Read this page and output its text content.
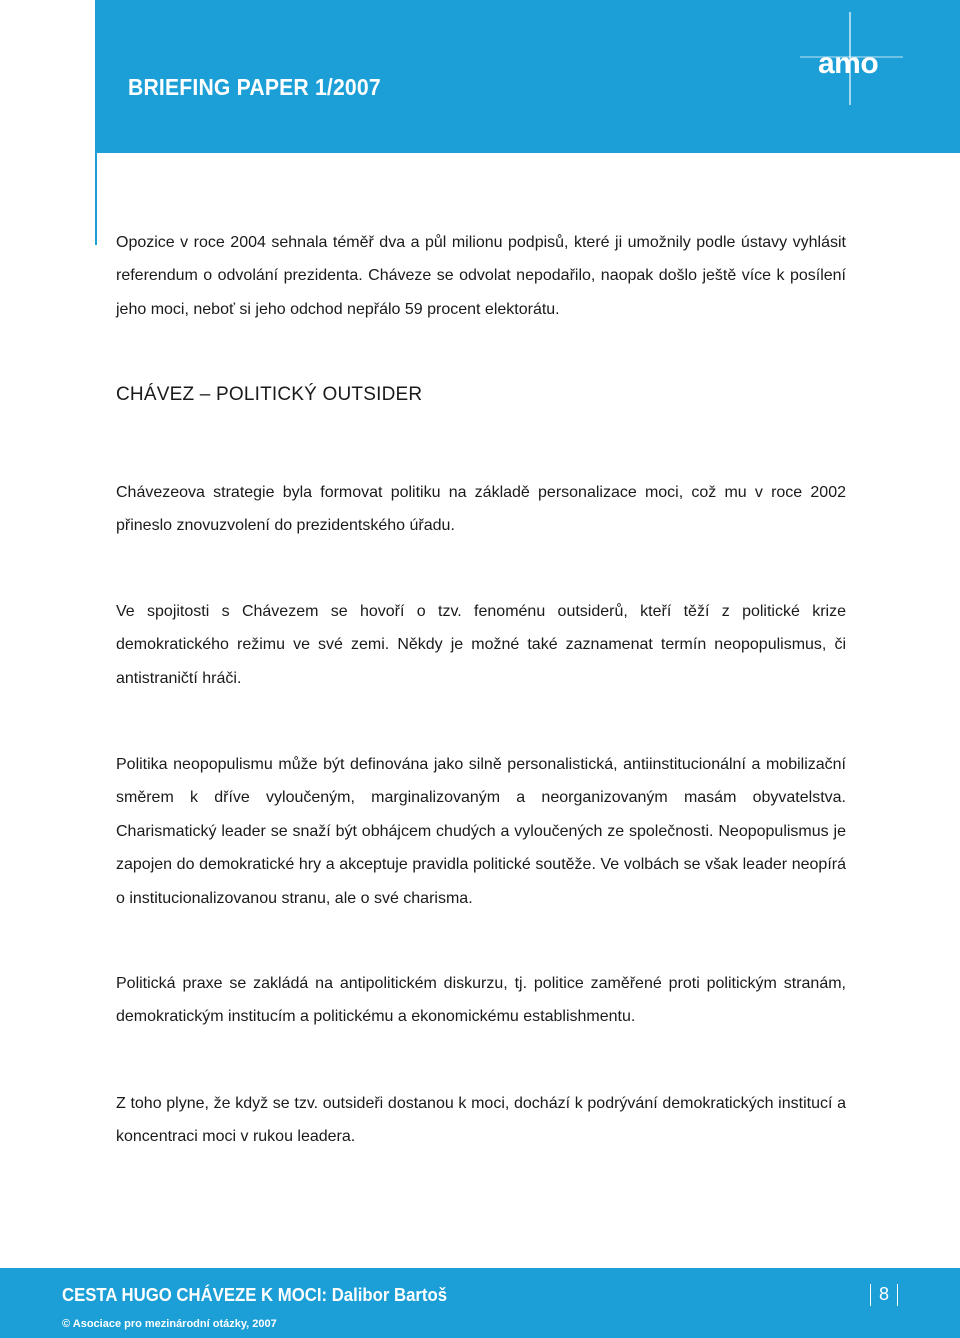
BRIEFING PAPER 1/2007
amo

Opozice v roce 2004 sehnala téměř dva a půl milionu podpisů, které ji umožnily podle ústavy vyhlásit referendum o odvolání prezidenta. Cháveze se odvolat nepodařilo, naopak došlo ještě více k posílení jeho moci, neboť si jeho odchod nepřálo 59 procent elektorátu.

CHÁVEZ – POLITICKÝ OUTSIDER

Chávezeova strategie byla formovat politiku na základě personalizace moci, což mu v roce 2002 přineslo znovuzvolení do prezidentského úřadu.

Ve spojitosti s Chávezem se hovoří o tzv. fenoménu outsiderů, kteří těží z politické krize demokratického režimu ve své zemi. Někdy je možné také zaznamenat termín neopopulismus, či antistraničtí hráči.

Politika neopopulismu může být definována jako silně personalistická, antiinstitucionální a mobilizační směrem k dříve vyloučeným, marginalizovaným a neorganizovaným masám obyvatelstva. Charismatický leader se snaží být obhájcem chudých a vyloučených ze společnosti. Neopopulismus je zapojen do demokratické hry a akceptuje pravidla politické soutěže. Ve volbách se však leader neopírá o institucionalizovanou stranu, ale o své charisma.

Politická praxe se zakládá na antipolitickém diskurzu, tj. politice zaměřené proti politickým stranám, demokratickým institucím a politickému a ekonomickému establishmentu.

Z toho plyne, že když se tzv. outsideři dostanou k moci, dochází k podrývání demokratických institucí a koncentraci moci v rukou leadera.

CESTA HUGO CHÁVEZE K MOCI: Dalibor Bartoš
© Asociace pro mezinárodní otázky, 2007
8
